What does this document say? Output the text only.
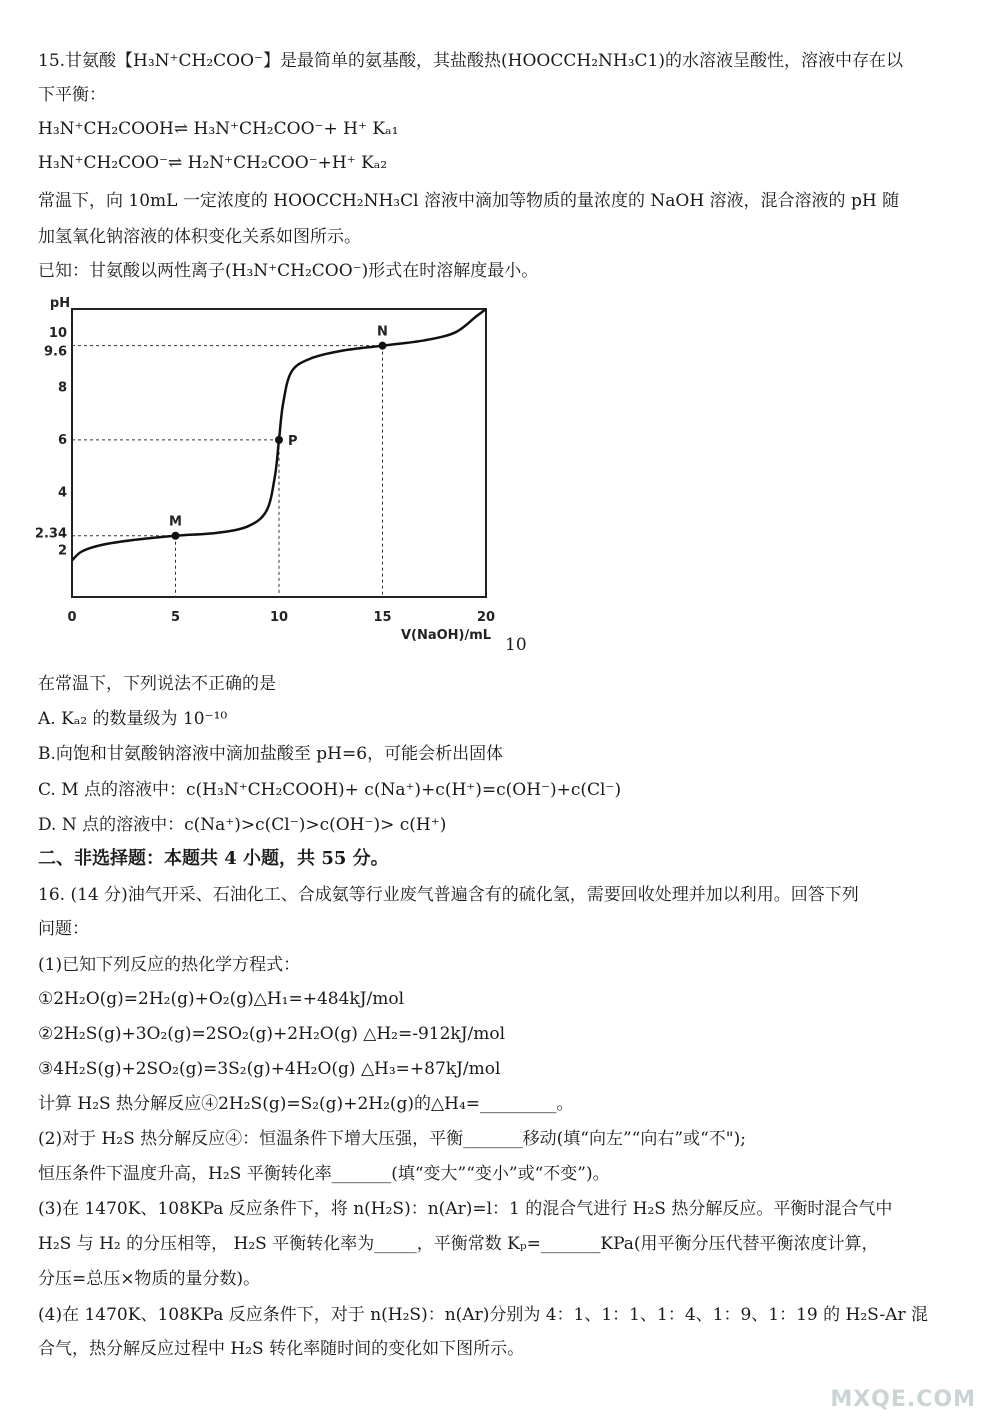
15.甘氨酸【H₃N⁺CH₂COO⁻】是最简单的氨基酸，其盐酸热(HOOCCH₂NH₃C1)的水溶液呈酸性，溶液中存在以
下平衡：
H₃N⁺CH₂COOH⇌ H₃N⁺CH₂COO⁻+ H⁺ Kₐ₁
H₃N⁺CH₂COO⁻⇌ H₂N⁺CH₂COO⁻+H⁺ Kₐ₂
常温下，向 10mL 一定浓度的 HOOCCH₂NH₃Cl 溶液中滴加等物质的量浓度的 NaOH 溶液，混合溶液的 pH 随
加氢氧化钠溶液的体积变化关系如图所示。
已知：甘氨酸以两性离子(H₃N⁺CH₂COO⁻)形式在时溶解度最小。
pH
V(NaOH)/mL
0	5	10	15	20
2
2.34
4
6
8
9.6
10
M
P
N
10
在常温下，下列说法不正确的是
A. Kₐ₂ 的数量级为 10⁻¹⁰
B.向饱和甘氨酸钠溶液中滴加盐酸至 pH=6，可能会析出固体
C. M 点的溶液中：c(H₃N⁺CH₂COOH)+ c(Na⁺)+c(H⁺)=c(OH⁻)+c(Cl⁻)
D. N 点的溶液中：c(Na⁺)>c(Cl⁻)>c(OH⁻)> c(H⁺)
二、非选择题：本题共 4 小题，共 55 分。
16. (14 分)油气开采、石油化工、合成氨等行业废气普遍含有的硫化氢，需要回收处理并加以利用。回答下列
问题：
(1)已知下列反应的热化学方程式：
①2H₂O(g)=2H₂(g)+O₂(g)△H₁=+484kJ/mol
②2H₂S(g)+3O₂(g)=2SO₂(g)+2H₂O(g) △H₂=-912kJ/mol
③4H₂S(g)+2SO₂(g)=3S₂(g)+4H₂O(g) △H₃=+87kJ/mol
计算 H₂S 热分解反应④2H₂S(g)=S₂(g)+2H₂(g)的△H₄=_________。
(2)对于 H₂S 热分解反应④：恒温条件下增大压强，平衡_______移动(填“向左”“向右”或“不");
恒压条件下温度升高，H₂S 平衡转化率_______(填“变大”“变小”或“不变”)。
(3)在 1470K、108KPa 反应条件下，将 n(H₂S)：n(Ar)=l：1 的混合气进行 H₂S 热分解反应。平衡时混合气中
H₂S 与 H₂ 的分压相等， H₂S 平衡转化率为_____，平衡常数 Kₚ=_______KPa(用平衡分压代替平衡浓度计算，
分压=总压×物质的量分数)。
(4)在 1470K、108KPa 反应条件下，对于 n(H₂S)：n(Ar)分别为 4：1、1：1、1：4、1：9、1：19 的 H₂S-Ar 混
合气，热分解反应过程中 H₂S 转化率随时间的变化如下图所示。
MXQE.COM
